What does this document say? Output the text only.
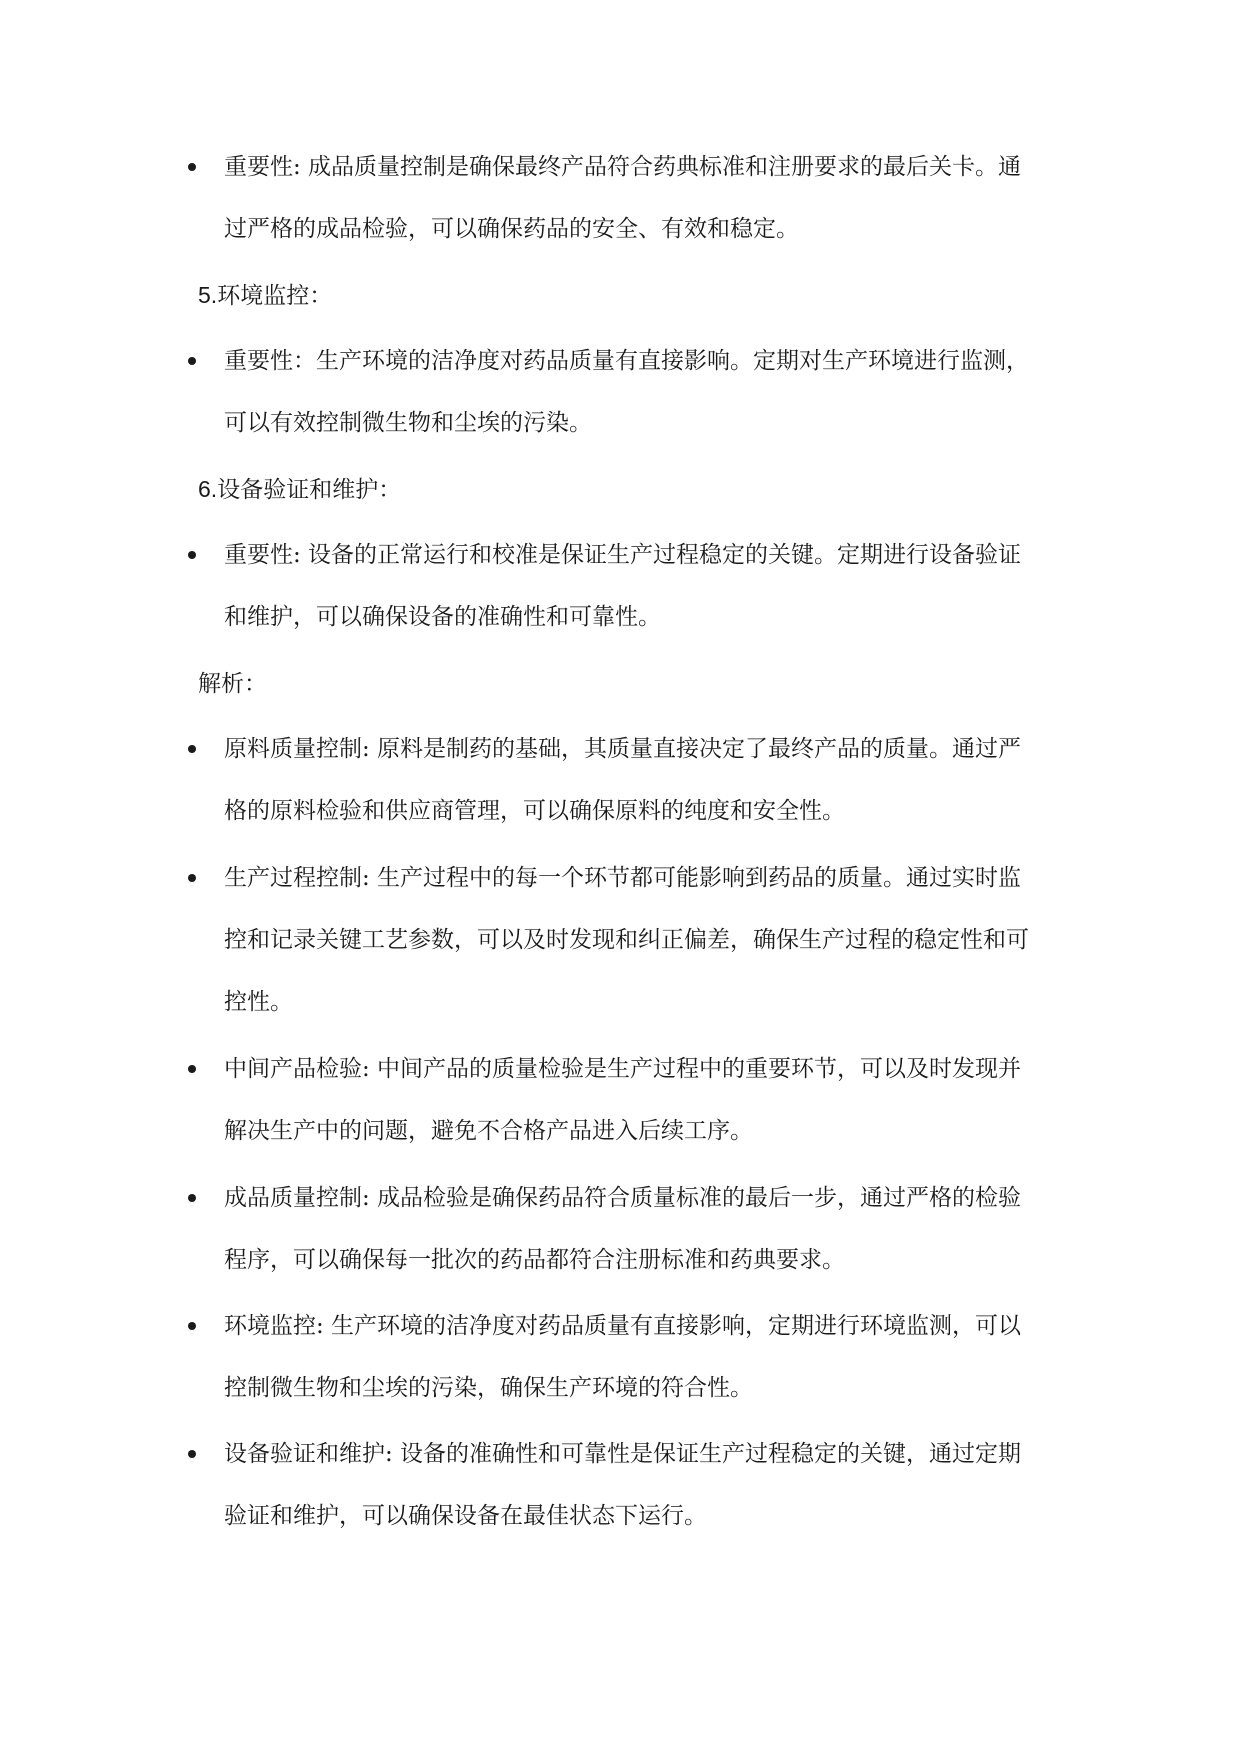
重要性: 成品质量控制是确保最终产品符合药典标准和注册要求的最后关卡。通
过严格的成品检验，可以确保药品的安全、有效和稳定。
5.环境监控：
重要性：生产环境的洁净度对药品质量有直接影响。定期对生产环境进行监测，
可以有效控制微生物和尘埃的污染。
6.设备验证和维护：
重要性: 设备的正常运行和校准是保证生产过程稳定的关键。定期进行设备验证
和维护，可以确保设备的准确性和可靠性。
解析：
原料质量控制: 原料是制药的基础，其质量直接决定了最终产品的质量。通过严
格的原料检验和供应商管理，可以确保原料的纯度和安全性。
生产过程控制: 生产过程中的每一个环节都可能影响到药品的质量。通过实时监
控和记录关键工艺参数，可以及时发现和纠正偏差，确保生产过程的稳定性和可
控性。
中间产品检验: 中间产品的质量检验是生产过程中的重要环节，可以及时发现并
解决生产中的问题，避免不合格产品进入后续工序。
成品质量控制: 成品检验是确保药品符合质量标准的最后一步，通过严格的检验
程序，可以确保每一批次的药品都符合注册标准和药典要求。
环境监控: 生产环境的洁净度对药品质量有直接影响，定期进行环境监测，可以
控制微生物和尘埃的污染，确保生产环境的符合性。
设备验证和维护: 设备的准确性和可靠性是保证生产过程稳定的关键，通过定期
验证和维护，可以确保设备在最佳状态下运行。
